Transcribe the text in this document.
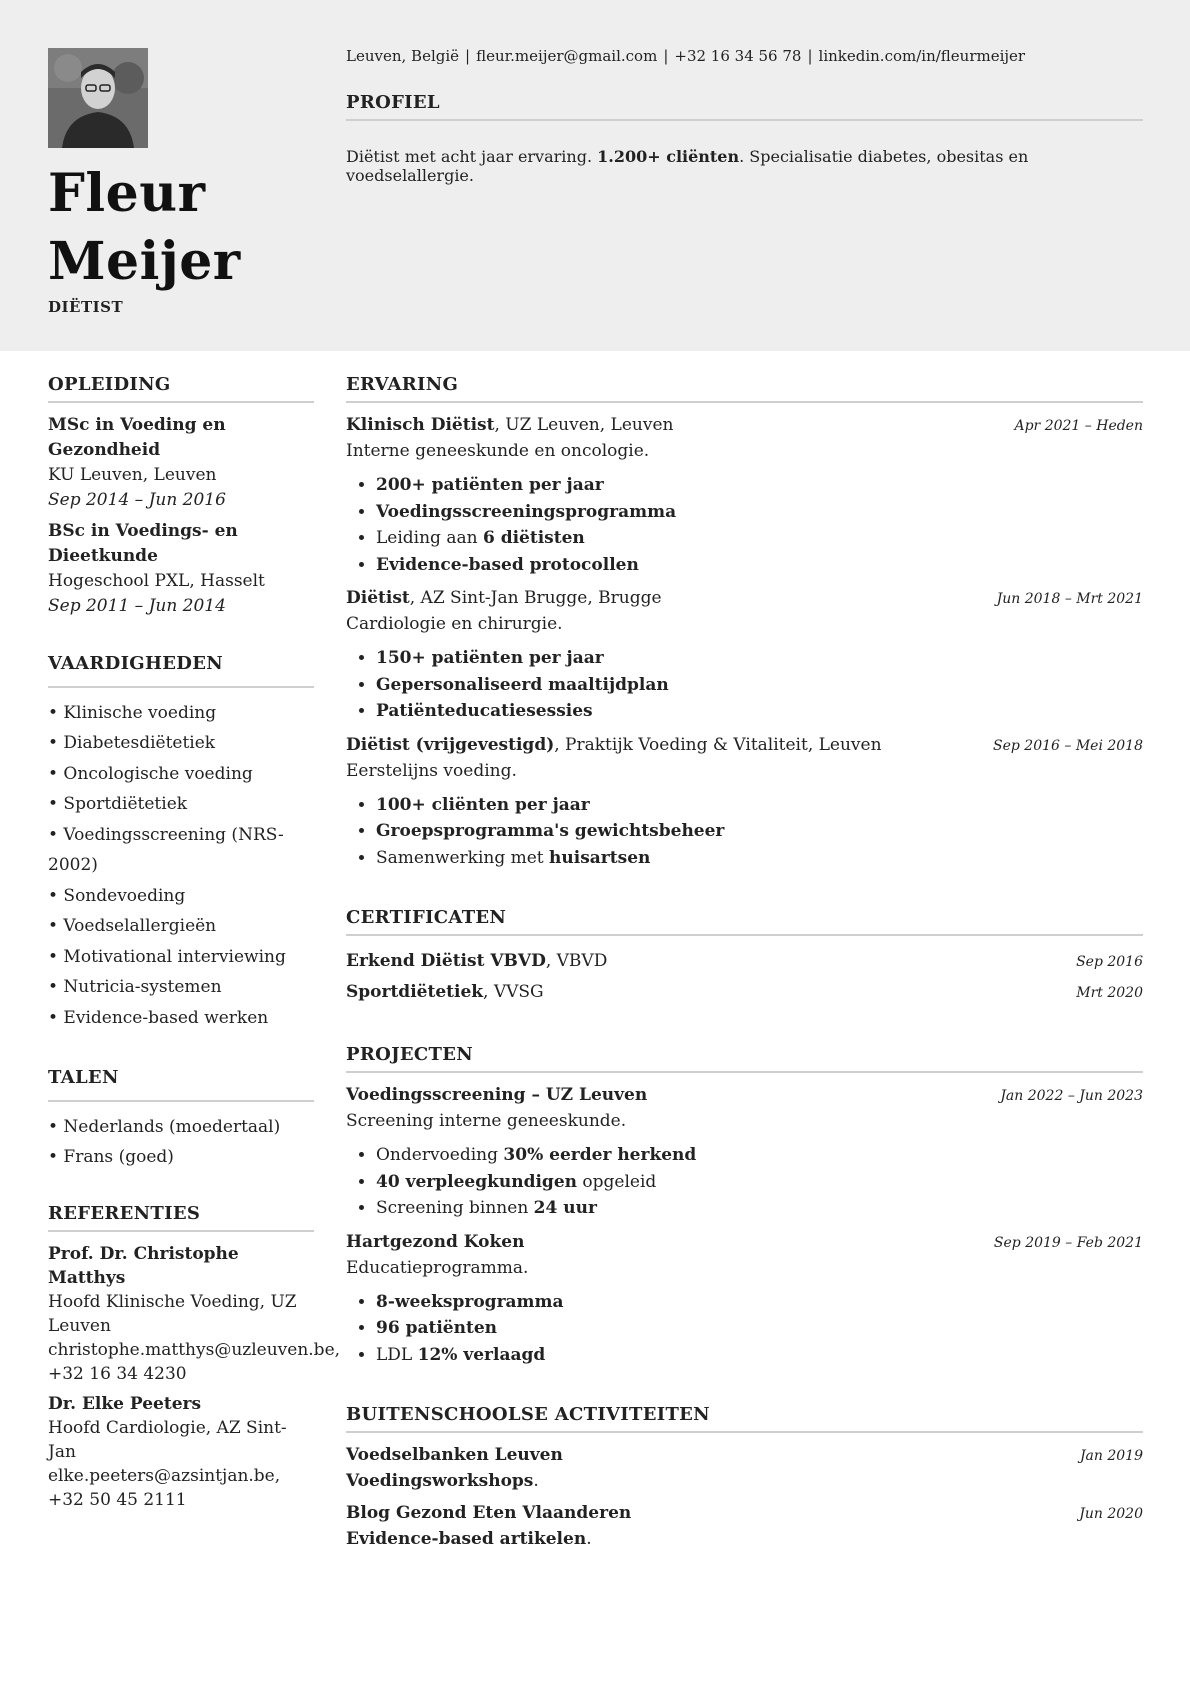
Fleur
Meijer
DIËTIST
Leuven, België | fleur.meijer@gmail.com | +32 16 34 56 78 | linkedin.com/in/fleurmeijer
PROFIEL

Diëtist met acht jaar ervaring. 1.200+ cliënten. Specialisatie diabetes, obesitas en voedselallergie.

OPLEIDING
MSc in Voeding en Gezondheid
KU Leuven, Leuven
Sep 2014 – Jun 2016
BSc in Voedings- en Dieetkunde
Hogeschool PXL, Hasselt
Sep 2011 – Jun 2014
VAARDIGHEDEN
• Klinische voeding
• Diabetesdiëtetiek
• Oncologische voeding
• Sportdiëtetiek
• Voedingsscreening (NRS-2002)
• Sondevoeding
• Voedselallergieën
• Motivational interviewing
• Nutricia-systemen
• Evidence-based werken
TALEN
• Nederlands (moedertaal)
• Frans (goed)
REFERENTIES
Prof. Dr. Christophe Matthys
Hoofd Klinische Voeding, UZ Leuven
christophe.matthys@uzleuven.be, +32 16 34 4230
Dr. Elke Peeters
Hoofd Cardiologie, AZ Sint-Jan
elke.peeters@azsintjan.be, +32 50 45 2111
ERVARING
Klinisch Diëtist, UZ Leuven, Leuven	Apr 2021 – Heden
Interne geneeskunde en oncologie.
• 200+ patiënten per jaar
• Voedingsscreeningsprogramma
• Leiding aan 6 diëtisten
• Evidence-based protocollen
Diëtist, AZ Sint-Jan Brugge, Brugge	Jun 2018 – Mrt 2021
Cardiologie en chirurgie.
• 150+ patiënten per jaar
• Gepersonaliseerd maaltijdplan
• Patiënteducatiesessies
Diëtist (vrijgevestigd), Praktijk Voeding & Vitaliteit, Leuven	Sep 2016 – Mei 2018
Eerstelijns voeding.
• 100+ cliënten per jaar
• Groepsprogramma's gewichtsbeheer
• Samenwerking met huisartsen
CERTIFICATEN
Erkend Diëtist VBVD, VBVD	Sep 2016
Sportdiëtetiek, VVSG	Mrt 2020
PROJECTEN
Voedingsscreening – UZ Leuven	Jan 2022 – Jun 2023
Screening interne geneeskunde.
• Ondervoeding 30% eerder herkend
• 40 verpleegkundigen opgeleid
• Screening binnen 24 uur
Hartgezond Koken	Sep 2019 – Feb 2021
Educatieprogramma.
• 8-weeksprogramma
• 96 patiënten
• LDL 12% verlaagd
BUITENSCHOOLSE ACTIVITEITEN
Voedselbanken Leuven	Jan 2019
Voedingsworkshops.
Blog Gezond Eten Vlaanderen	Jun 2020
Evidence-based artikelen.
